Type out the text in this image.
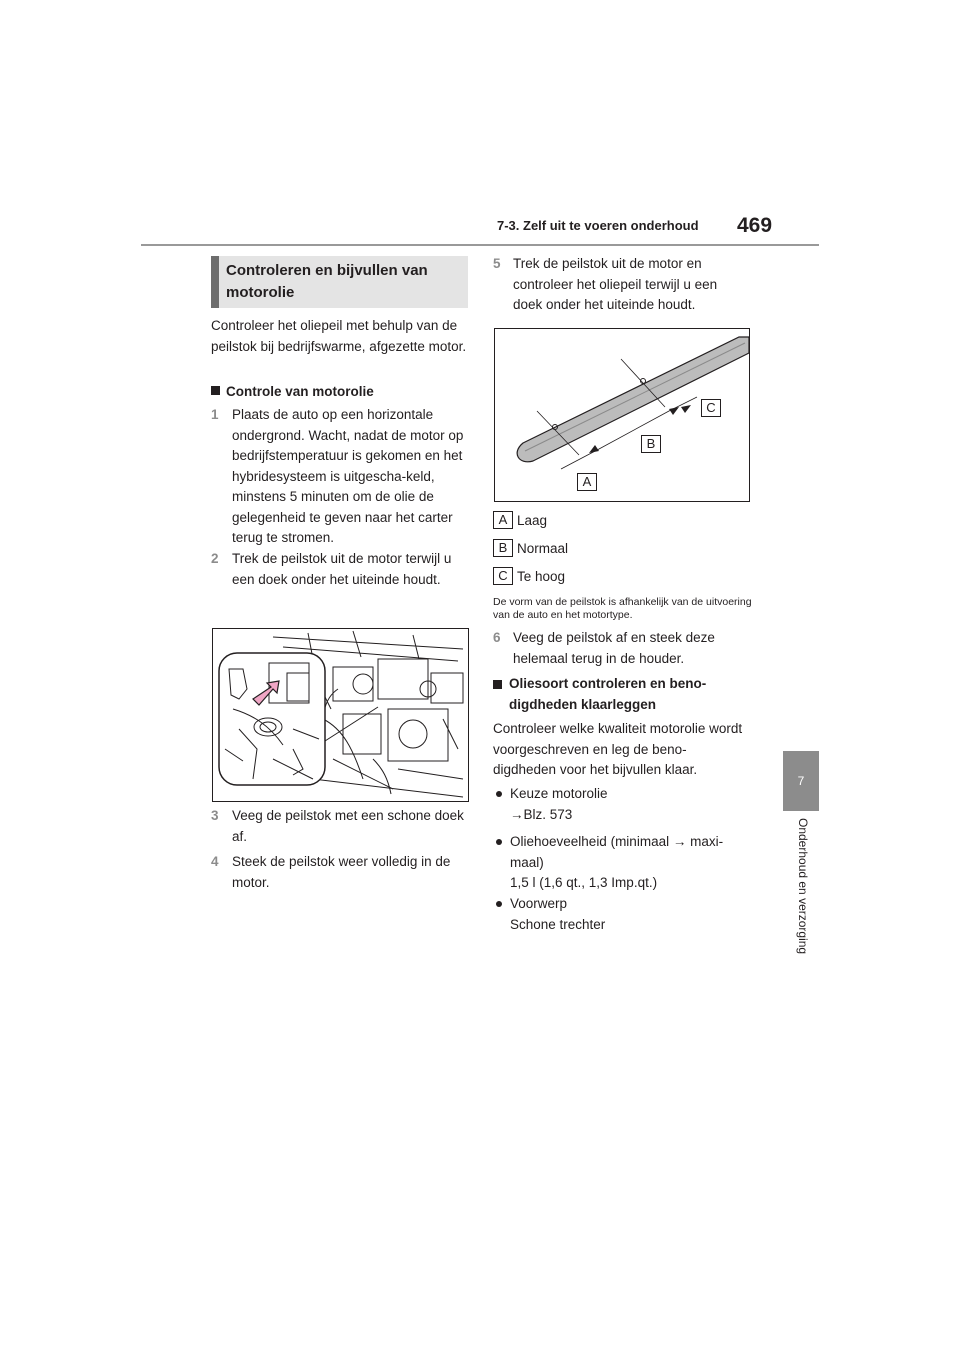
7-3. Zelf uit te voeren onderhoud 469
7
Onderhoud en verzorging
Controleren en bijvullen van motorolie
Controleer het oliepeil met behulp van de peilstok bij bedrijfswarme, afgezette motor.
Controle van motorolie
1 Plaats de auto op een horizontale ondergrond. Wacht, nadat de motor op bedrijfstemperatuur is gekomen en het hybridesysteem is uitgescha-keld, minstens 5 minuten om de olie de gelegenheid te geven naar het carter terug te stromen.
2 Trek de peilstok uit de motor terwijl u een doek onder het uiteinde houdt.
3 Veeg de peilstok met een schone doek af.
4 Steek de peilstok weer volledig in de motor.
5 Trek de peilstok uit de motor en controleer het oliepeil terwijl u een doek onder het uiteinde houdt.
C
B
A
A Laag
B Normaal
C Te hoog
De vorm van de peilstok is afhankelijk van de uitvoering van de auto en het motortype.
6 Veeg de peilstok af en steek deze helemaal terug in de houder.
Oliesoort controleren en beno-digdheden klaarleggen
Controleer welke kwaliteit motorolie wordt voorgeschreven en leg de beno-digdheden voor het bijvullen klaar.
Keuze motorolie
→Blz. 573
Oliehoeveelheid (minimaal → maxi-maal)
1,5 l (1,6 qt., 1,3 Imp.qt.)
Voorwerp
Schone trechter
